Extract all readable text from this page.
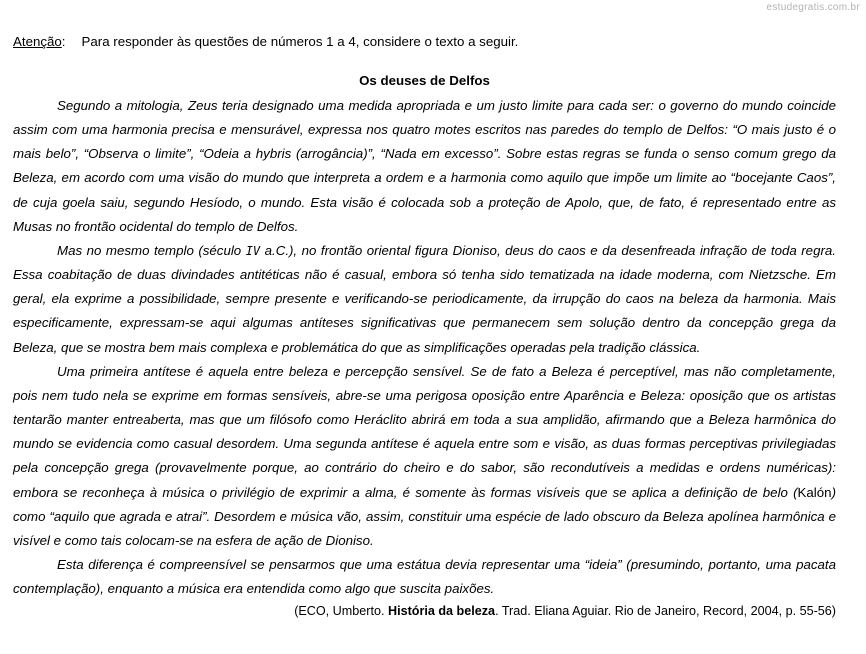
estudegratis.com.br

Atenção: Para responder às questões de números 1 a 4, considere o texto a seguir.

Os deuses de Delfos

Segundo a mitologia, Zeus teria designado uma medida apropriada e um justo limite para cada ser: o governo do mundo coincide assim com uma harmonia precisa e mensurável, expressa nos quatro motes escritos nas paredes do templo de Delfos: “O mais justo é o mais belo”, “Observa o limite”, “Odeia a hybris (arrogância)”, “Nada em excesso”. Sobre estas regras se funda o senso comum grego da Beleza, em acordo com uma visão do mundo que interpreta a ordem e a harmonia como aquilo que impõe um limite ao “bocejante Caos”, de cuja goela saiu, segundo Hesíodo, o mundo. Esta visão é colocada sob a proteção de Apolo, que, de fato, é representado entre as Musas no frontão ocidental do templo de Delfos.

Mas no mesmo templo (século IV a.C.), no frontão oriental figura Dioniso, deus do caos e da desenfreada infração de toda regra. Essa coabitação de duas divindades antitéticas não é casual, embora só tenha sido tematizada na idade moderna, com Nietzsche. Em geral, ela exprime a possibilidade, sempre presente e verificando-se periodicamente, da irrupção do caos na beleza da harmonia. Mais especificamente, expressam-se aqui algumas antíteses significativas que permanecem sem solução dentro da concepção grega da Beleza, que se mostra bem mais complexa e problemática do que as simplificações operadas pela tradição clássica.

Uma primeira antítese é aquela entre beleza e percepção sensível. Se de fato a Beleza é perceptível, mas não completamente, pois nem tudo nela se exprime em formas sensíveis, abre-se uma perigosa oposição entre Aparência e Beleza: oposição que os artistas tentarão manter entreaberta, mas que um filósofo como Heráclito abrirá em toda a sua amplidão, afirmando que a Beleza harmônica do mundo se evidencia como casual desordem. Uma segunda antítese é aquela entre som e visão, as duas formas perceptivas privilegiadas pela concepção grega (provavelmente porque, ao contrário do cheiro e do sabor, são recondutíveis a medidas e ordens numéricas): embora se reconheça à música o privilégio de exprimir a alma, é somente às formas visíveis que se aplica a definição de belo (Kalón) como “aquilo que agrada e atrai”. Desordem e música vão, assim, constituir uma espécie de lado obscuro da Beleza apolínea harmônica e visível e como tais colocam-se na esfera de ação de Dioniso.

Esta diferença é compreensível se pensarmos que uma estátua devia representar uma “ideia” (presumindo, portanto, uma pacata contemplação), enquanto a música era entendida como algo que suscita paixões.

(ECO, Umberto. História da beleza. Trad. Eliana Aguiar. Rio de Janeiro, Record, 2004, p. 55-56)
